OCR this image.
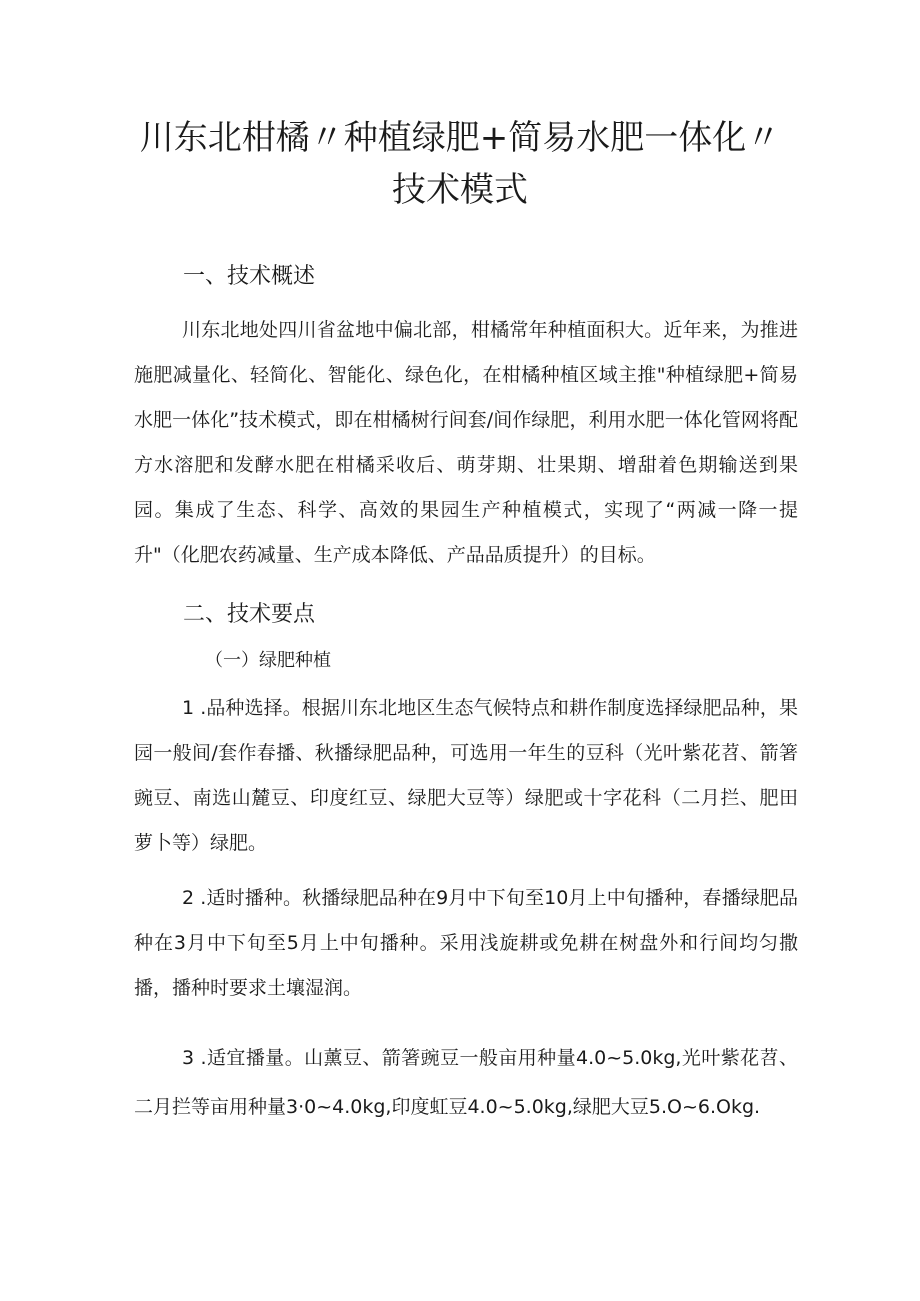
川东北柑橘〃种植绿肥+简易水肥一体化〃技术模式
一、技术概述

川东北地处四川省盆地中偏北部，柑橘常年种植面积大。近年来，为推进施肥减量化、轻简化、智能化、绿色化，在柑橘种植区域主推"种植绿肥+简易水肥一体化”技术模式，即在柑橘树行间套/间作绿肥，利用水肥一体化管网将配方水溶肥和发酵水肥在柑橘采收后、萌芽期、壮果期、增甜着色期输送到果园。集成了生态、科学、高效的果园生产种植模式，实现了“两减一降一提升"（化肥农药减量、生产成本降低、产品品质提升）的目标。

二、技术要点
（一）绿肥种植

1 .品种选择。根据川东北地区生态气候特点和耕作制度选择绿肥品种，果园一般间/套作春播、秋播绿肥品种，可选用一年生的豆科（光叶紫花苕、箭箸豌豆、南选山麓豆、印度红豆、绿肥大豆等）绿肥或十字花科（二月拦、肥田萝卜等）绿肥。

2 .适时播种。秋播绿肥品种在9月中下旬至10月上中旬播种，春播绿肥品种在3月中下旬至5月上中旬播种。采用浅旋耕或免耕在树盘外和行间均匀撒播，播种时要求土壤湿润。

3 .适宜播量。山薰豆、箭箸豌豆一般亩用种量4.0~5.0kg,光叶紫花苕、二月拦等亩用种量3·0~4.0kg,印度虹豆4.0~5.0kg,绿肥大豆5.O~6.Okg.
